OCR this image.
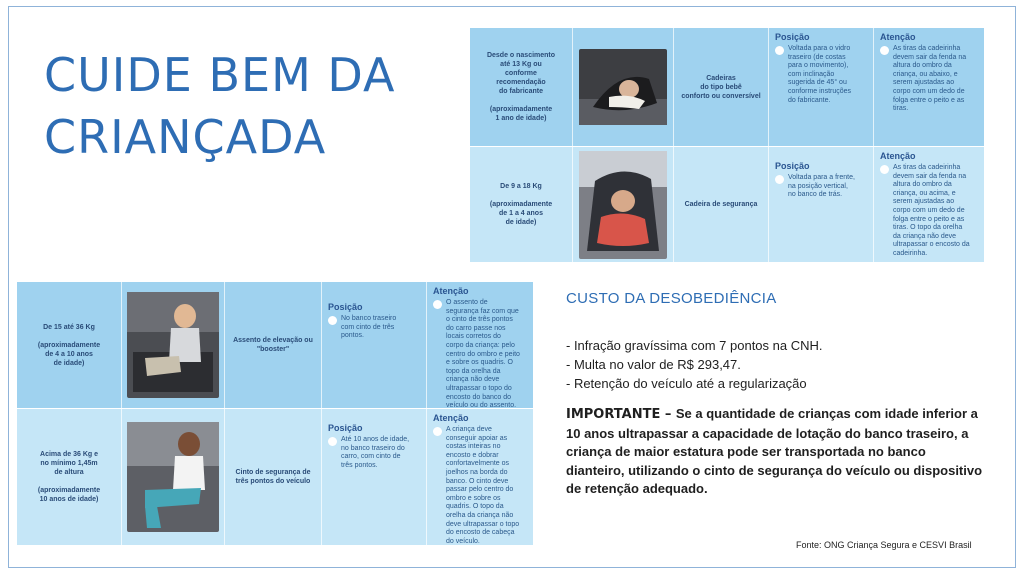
CUIDE BEM DA CRIANÇADA
Desde o nascimento
até 13 Kg ou
conforme
recomendação
do fabricante

(aproximadamente
1 ano de idade)
Cadeiras
do tipo bebê
conforto ou conversível
Posição
Voltada para o vidro
traseiro (de costas
para o movimento),
com inclinação
sugerida de 45° ou
conforme instruções
do fabricante.
Atenção
As tiras da cadeirinha
devem sair da fenda na
altura do ombro da
criança, ou abaixo, e
serem ajustadas ao
corpo com um dedo de
folga entre o peito e as
tiras.
De 9 a 18 Kg

(aproximadamente
de 1 a 4 anos
de idade)
Cadeira de segurança
Posição
Voltada para a frente,
na posição vertical,
no banco de trás.
Atenção
As tiras da cadeirinha
devem sair da fenda na
altura do ombro da
criança, ou acima, e
serem ajustadas ao
corpo com um dedo de
folga entre o peito e as
tiras. O topo da orelha
da criança não deve
ultrapassar o encosto da
cadeirinha.
De 15 até 36 Kg

(aproximadamente
de 4 a 10 anos
de idade)
Assento de elevação ou
"booster"
Posição
No banco traseiro
com cinto de três
pontos.
Atenção
O assento de
segurança faz com que
o cinto de três pontos
do carro passe nos
locais corretos do
corpo da criança: pelo
centro do ombro e peito
e sobre os quadris. O
topo da orelha da
criança não deve
ultrapassar o topo do
encosto do banco do
veículo ou do assento.
Acima de 36 Kg e
no mínimo 1,45m
de altura

(aproximadamente
10 anos de idade)
Cinto de segurança de
três pontos do veículo
Posição
Até 10 anos de idade,
no banco traseiro do
carro, com cinto de
três pontos.
Atenção
A criança deve
conseguir apoiar as
costas inteiras no
encosto e dobrar
confortavelmente os
joelhos na borda do
banco. O cinto deve
passar pelo centro do
ombro e sobre os
quadris. O topo da
orelha da criança não
deve ultrapassar o topo
do encosto de cabeça
do veículo.
CUSTO DA DESOBEDIÊNCIA
- Infração gravíssima com 7 pontos na CNH.
- Multa no valor de R$ 293,47.
- Retenção do veículo até a regularização
IMPORTANTE – Se a quantidade de crianças com idade inferior a 10 anos ultrapassar a capacidade de lotação do banco traseiro, a criança de maior estatura pode ser transportada no banco dianteiro, utilizando o cinto de segurança do veículo ou dispositivo de retenção adequado.
Fonte: ONG Criança Segura e CESVI Brasil
